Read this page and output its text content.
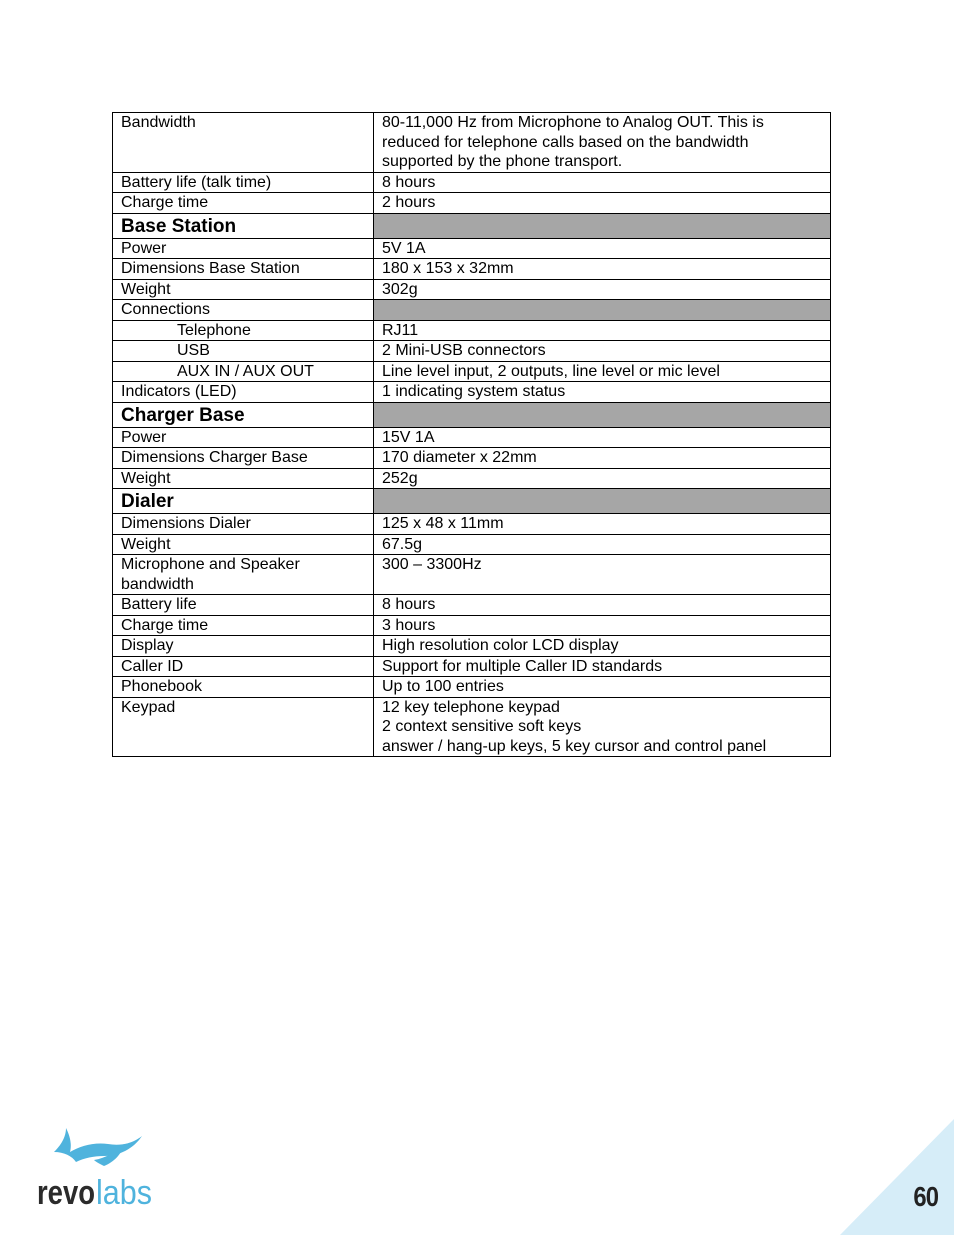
Bandwidth	80-11,000 Hz from Microphone to Analog OUT. This is
reduced for telephone calls based on the bandwidth
supported by the phone transport.

Battery life (talk time)	8 hours
Charge time	2 hours
Base Station	
Power	5V 1A
Dimensions Base Station	180 x 153 x 32mm
Weight	302g
Connections	
Telephone	RJ11
USB	2 Mini-USB connectors
AUX IN / AUX OUT	Line level input, 2 outputs, line level or mic level
Indicators (LED)	1 indicating system status
Charger Base	
Power	15V 1A
Dimensions Charger Base	170 diameter x 22mm
Weight	252g
Dialer	
Dimensions Dialer	125 x 48 x 11mm
Weight	67.5g

Microphone and Speaker
bandwidth	300 – 3300Hz
Battery life	8 hours
Charge time	3 hours
Display	High resolution color LCD display
Caller ID	Support for multiple Caller ID standards
Phonebook	Up to 100 entries
Keypad	12 key telephone keypad
2 context sensitive soft keys
answer / hang-up keys, 5 key cursor and control panel
revo labs	60
